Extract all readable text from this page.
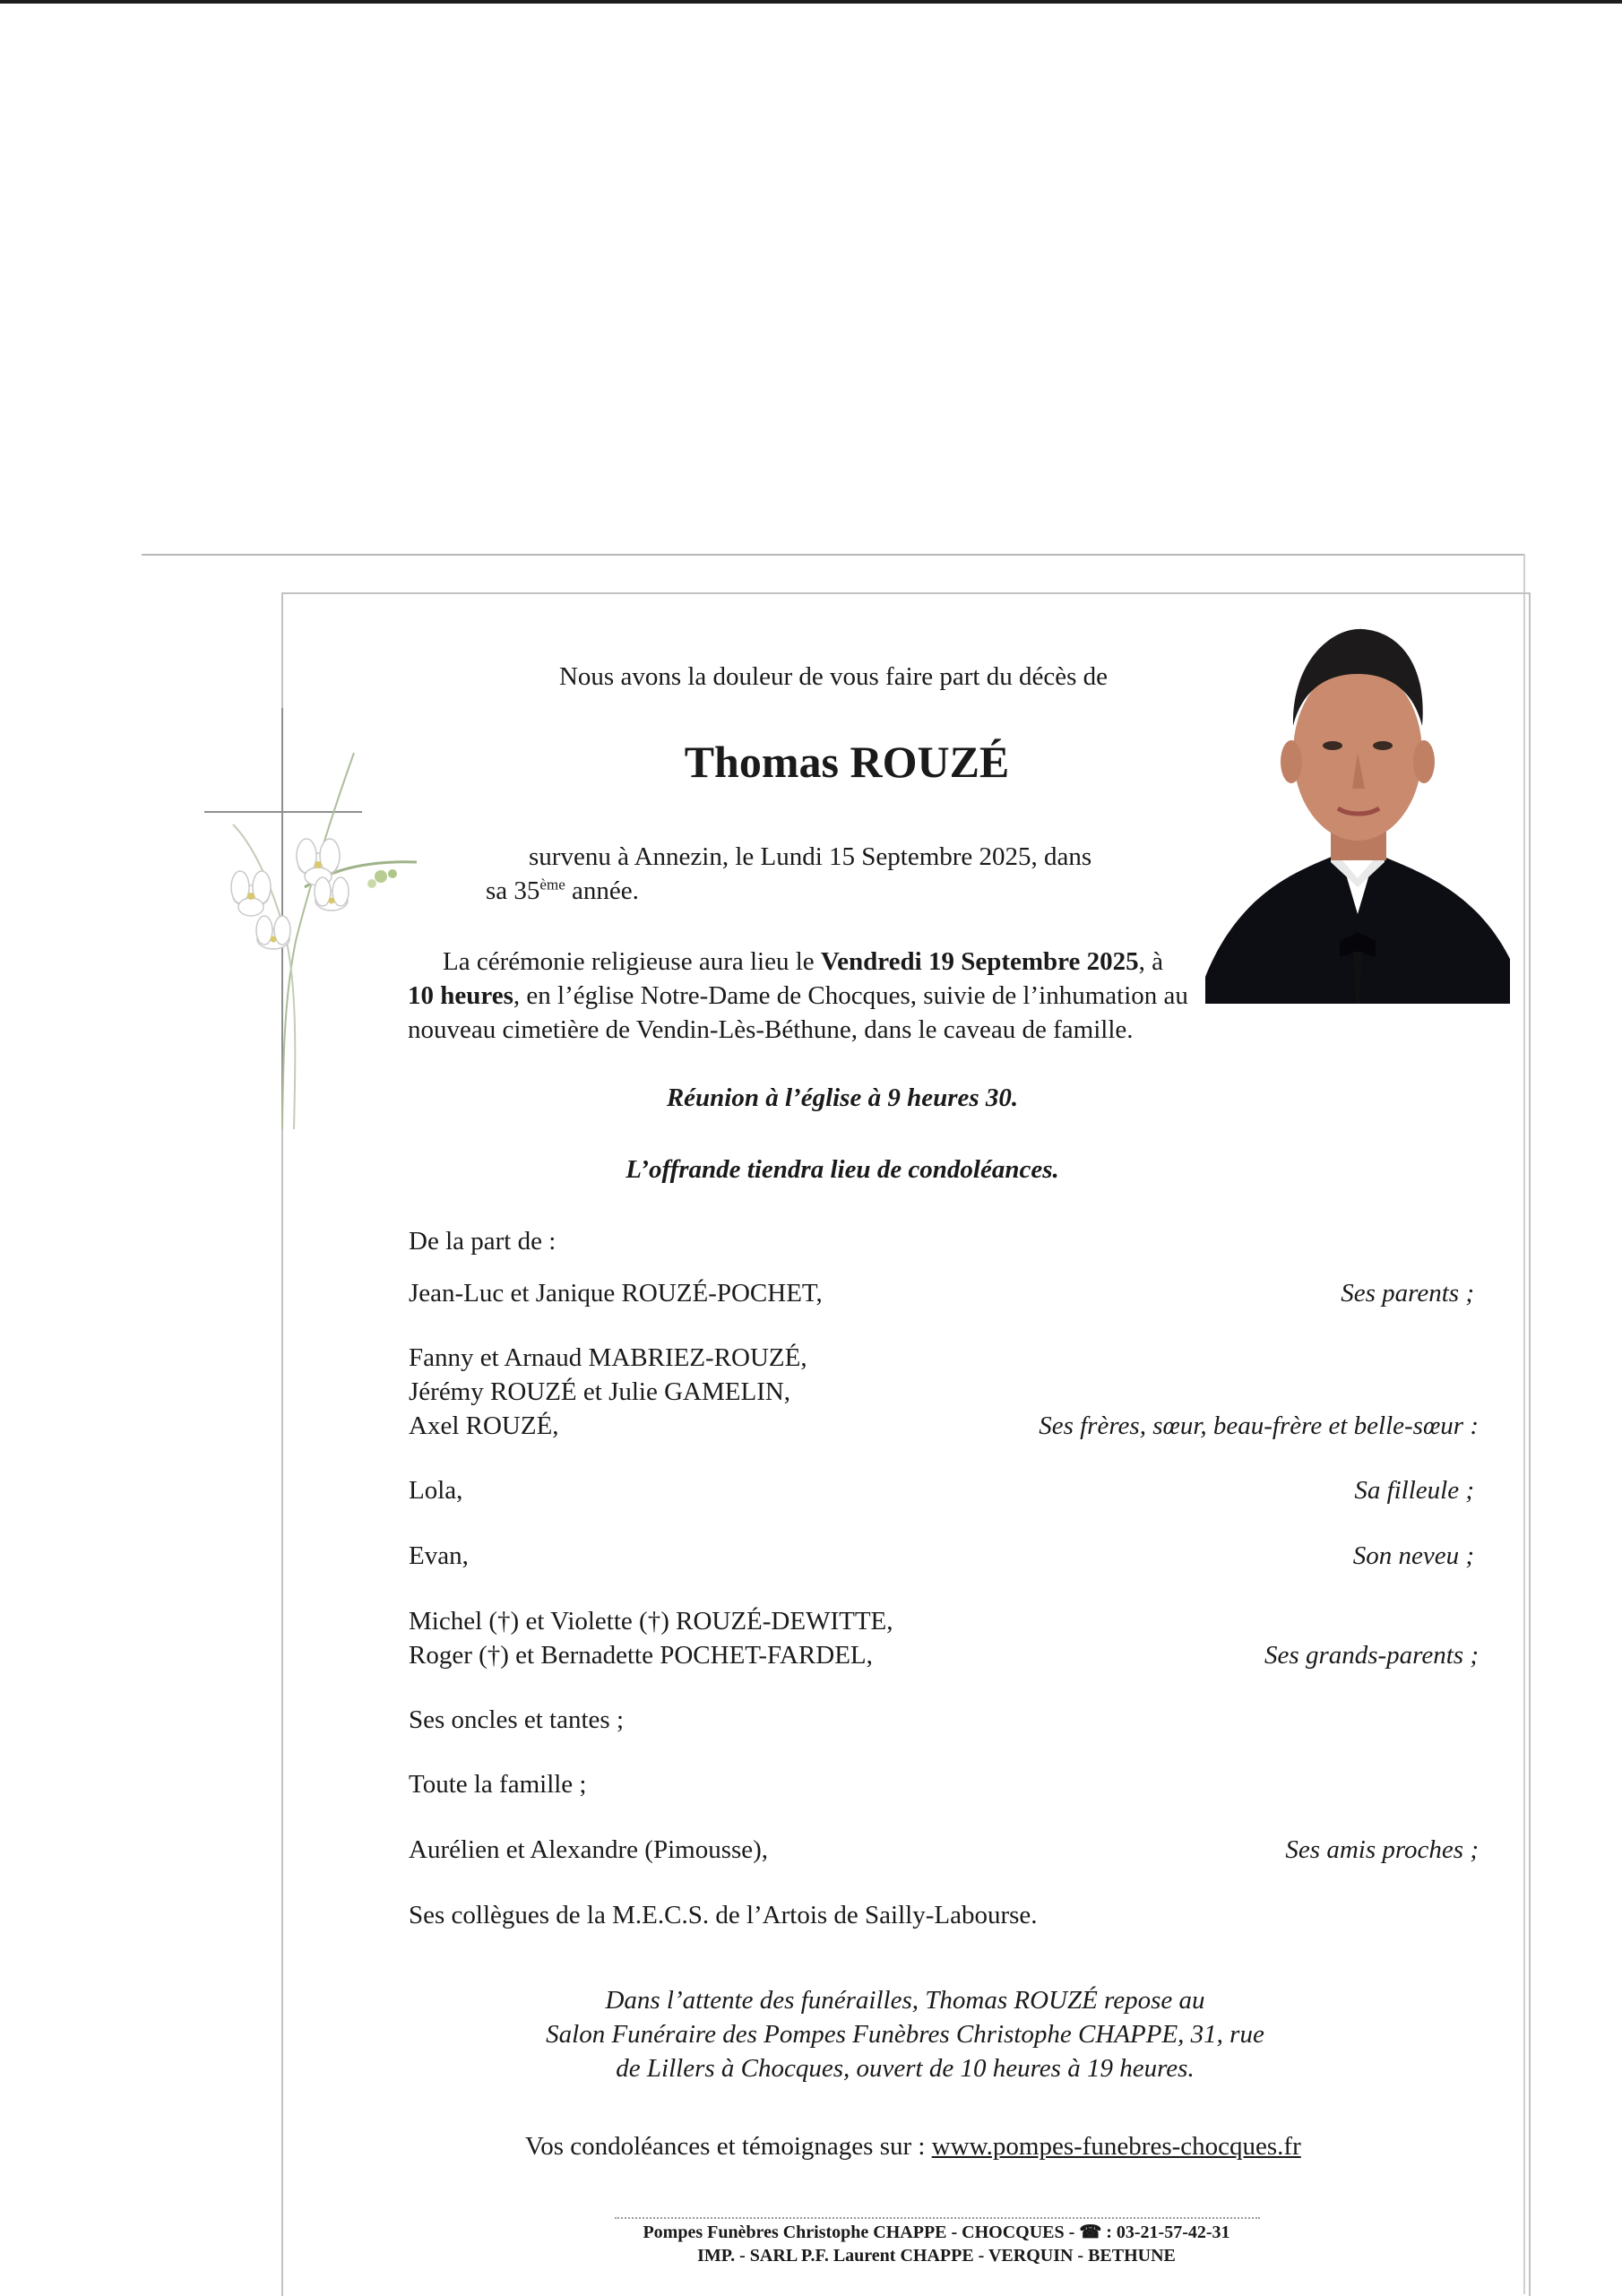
Nous avons la douleur de vous faire part du décès de
Thomas ROUZÉ
survenu à Annezin, le Lundi 15 Septembre 2025, dans
sa 35ème année.
La cérémonie religieuse aura lieu le Vendredi 19 Septembre 2025, à
10 heures, en l’église Notre-Dame de Chocques, suivie de l’inhumation au
nouveau cimetière de Vendin-Lès-Béthune, dans le caveau de famille.
Réunion à l’église à 9 heures 30.
L’offrande tiendra lieu de condoléances.
De la part de :
Jean-Luc et Janique ROUZÉ-POCHET,	Ses parents ;
Fanny et Arnaud MABRIEZ-ROUZÉ,
Jérémy ROUZÉ et Julie GAMELIN,
Axel ROUZÉ,	Ses frères, sœur, beau-frère et belle-sœur :
Lola,	Sa filleule ;
Evan,	Son neveu ;
Michel (†) et Violette (†) ROUZÉ-DEWITTE,
Roger (†) et Bernadette POCHET-FARDEL,	Ses grands-parents ;
Ses oncles et tantes ;
Toute la famille ;
Aurélien et Alexandre (Pimousse),	Ses amis proches ;
Ses collègues de la M.E.C.S. de l’Artois de Sailly-Labourse.
Dans l’attente des funérailles, Thomas ROUZÉ repose au
Salon Funéraire des Pompes Funèbres Christophe CHAPPE, 31, rue
de Lillers à Chocques, ouvert de 10 heures à 19 heures.
Vos condoléances et témoignages sur : www.pompes-funebres-chocques.fr
Pompes Funèbres Christophe CHAPPE - CHOCQUES - ☎ : 03-21-57-42-31
IMP. - SARL P.F. Laurent CHAPPE - VERQUIN - BETHUNE
